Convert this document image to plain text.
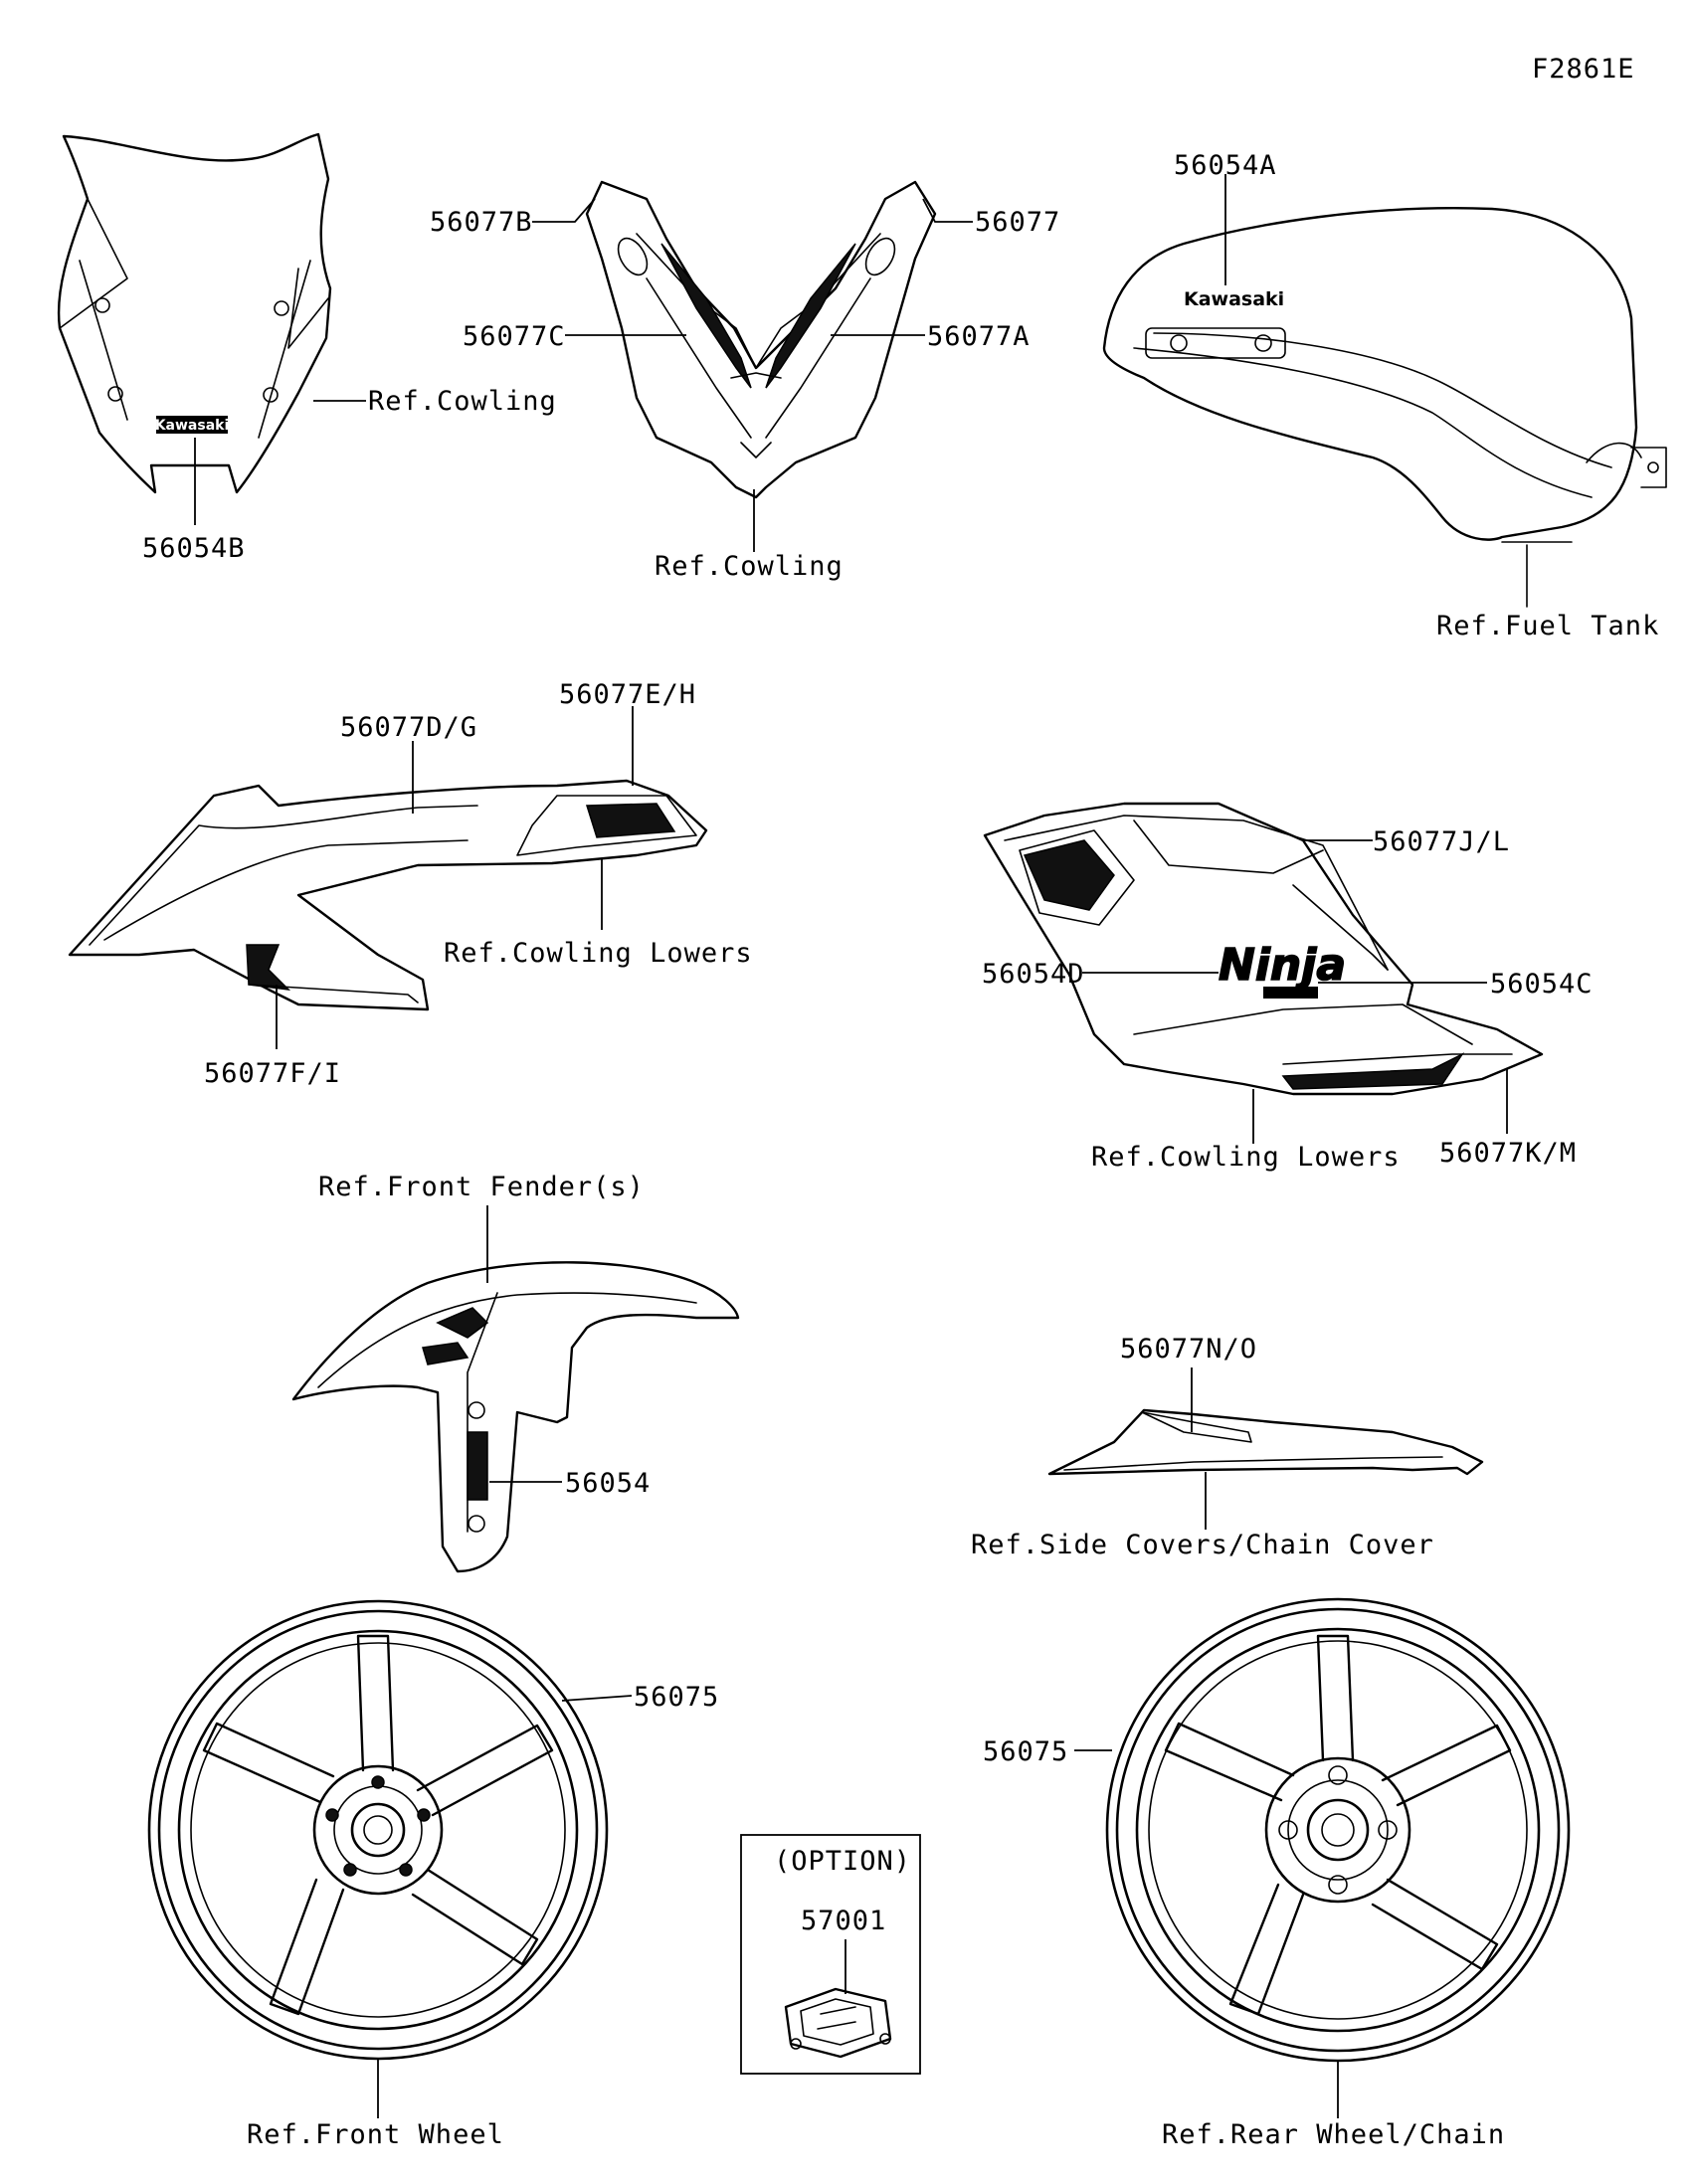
F2861E
Kawasaki
56054B
Ref.Cowling
56077B	56077
56077C	56077A
Ref.Cowling
Kawasaki
56054A
Ref.Fuel Tank
56077E/H
56077D/G
Ref.Cowling Lowers
56077F/I
Ninja
56077J/L
56054D	56054C
Ref.Cowling Lowers 56077K/M
Ref.Front Fender(s)
56054
56077N/O
Ref.Side Covers/Chain Cover
56075
Ref.Front Wheel
56075
Ref.Rear Wheel/Chain
(OPTION)
57001
